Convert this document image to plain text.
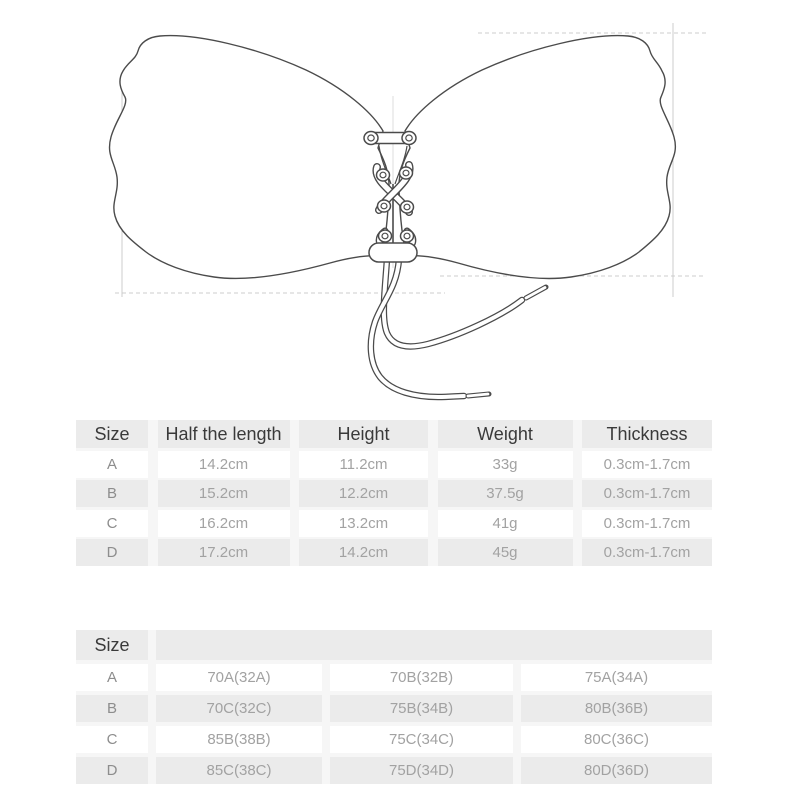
Size	Half the length	Height	Weight	Thickness
A	14.2cm	11.2cm	33g	0.3cm-1.7cm
B	15.2cm	12.2cm	37.5g	0.3cm-1.7cm
C	16.2cm	13.2cm	41g	0.3cm-1.7cm
D	17.2cm	14.2cm	45g	0.3cm-1.7cm
Size
A	70A(32A)	70B(32B)	75A(34A)
B	70C(32C)	75B(34B)	80B(36B)
C	85B(38B)	75C(34C)	80C(36C)
D	85C(38C)	75D(34D)	80D(36D)
